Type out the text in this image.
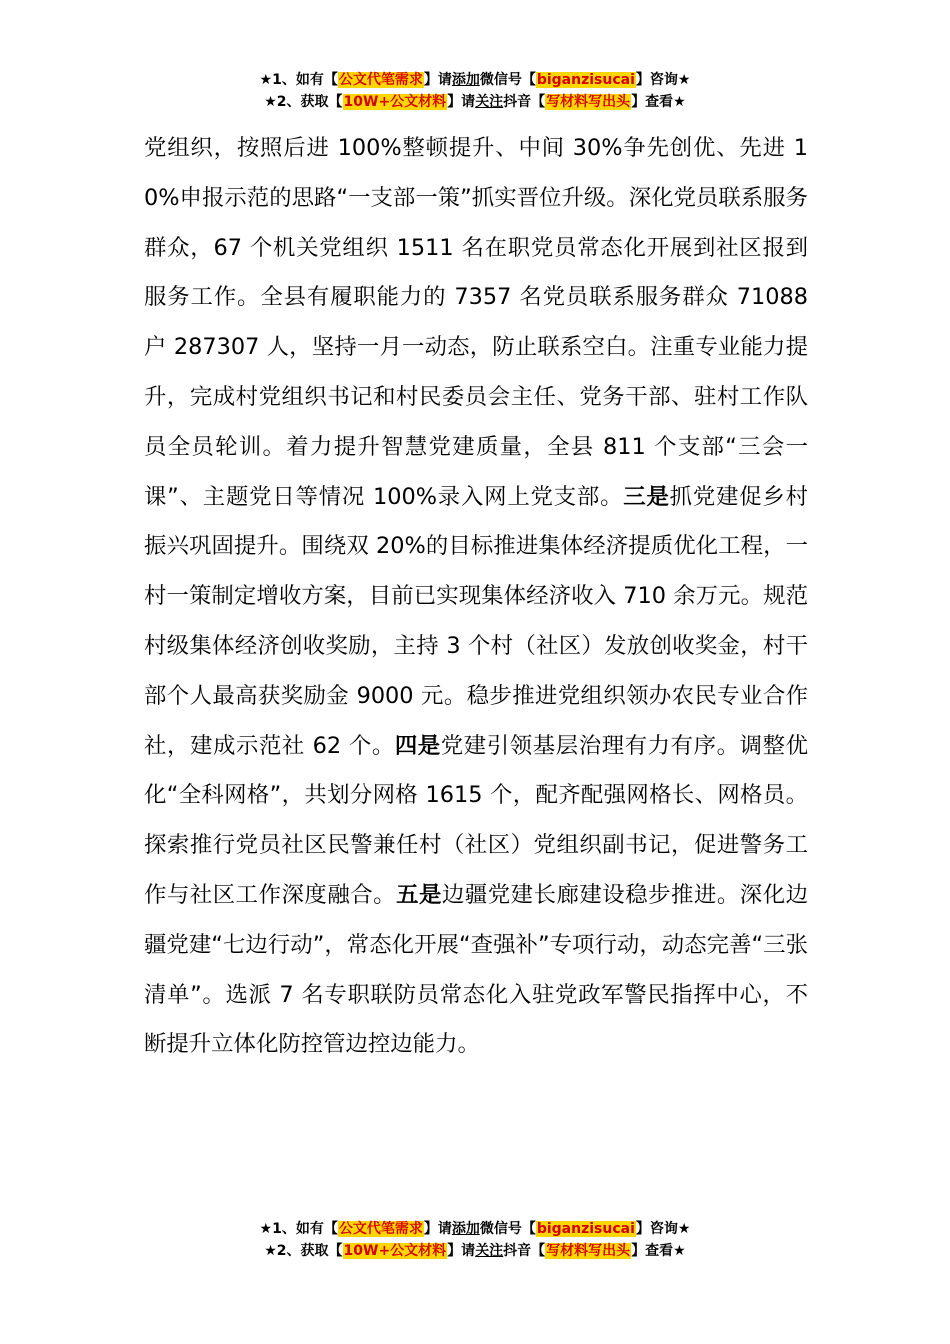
★1、如有【公文代笔需求】请添加微信号【biganzisucai】咨询★
★2、获取【10W+公文材料】请关注抖音【写材料写出头】查看★
党组织，按照后进 100%整顿提升、中间 30%争先创优、先进 10%申报示范的思路“一支部一策”抓实晋位升级。深化党员联系服务群众，67 个机关党组织 1511 名在职党员常态化开展到社区报到服务工作。全县有履职能力的 7357 名党员联系服务群众 71088 户 287307 人，坚持一月一动态，防止联系空白。注重专业能力提升，完成村党组织书记和村民委员会主任、党务干部、驻村工作队员全员轮训。着力提升智慧党建质量，全县 811 个支部“三会一课”、主题党日等情况 100%录入网上党支部。三是抓党建促乡村振兴巩固提升。围绕双 20%的目标推进集体经济提质优化工程，一村一策制定增收方案，目前已实现集体经济收入 710 余万元。规范村级集体经济创收奖励，主持 3 个村（社区）发放创收奖金，村干部个人最高获奖励金 9000 元。稳步推进党组织领办农民专业合作社，建成示范社 62 个。四是党建引领基层治理有力有序。调整优化“全科网格”，共划分网格 1615 个，配齐配强网格长、网格员。探索推行党员社区民警兼任村（社区）党组织副书记，促进警务工作与社区工作深度融合。五是边疆党建长廊建设稳步推进。深化边疆党建“七边行动”，常态化开展“查强补”专项行动，动态完善“三张清单”。选派 7 名专职联防员常态化入驻党政军警民指挥中心，不断提升立体化防控管边控边能力。
★1、如有【公文代笔需求】请添加微信号【biganzisucai】咨询★
★2、获取【10W+公文材料】请关注抖音【写材料写出头】查看★
